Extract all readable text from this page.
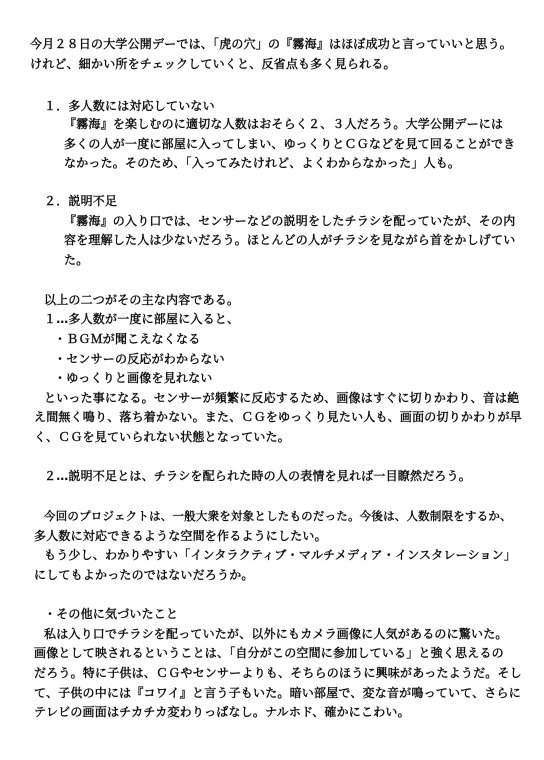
今月２８日の大学公開デーでは、「虎の穴」の『霧海』はほぼ成功と言っていいと思う。
けれど、細かい所をチェックしていくと、反省点も多く見られる。
１．多人数には対応していない
『霧海』を楽しむのに適切な人数はおそらく２、３人だろう。大学公開デーには
多くの人が一度に部屋に入ってしまい、ゆっくりとＣＧなどを見て回ることができ
なかった。そのため、「入ってみたけれど、よくわからなかった」人も。
２．説明不足
『霧海』の入り口では、センサーなどの説明をしたチラシを配っていたが、その内
容を理解した人は少ないだろう。ほとんどの人がチラシを見ながら首をかしげてい
た。
以上の二つがその主な内容である。
１…多人数が一度に部屋に入ると、
・ＢＧＭが聞こえなくなる
・センサーの反応がわからない
・ゆっくりと画像を見れない
といった事になる。センサーが頻繁に反応するため、画像はすぐに切りかわり、音は絶
え間無く鳴り、落ち着かない。また、ＣＧをゆっくり見たい人も、画面の切りかわりが早
く、ＣＧを見ていられない状態となっていた。
２…説明不足とは、チラシを配られた時の人の表情を見れば一目瞭然だろう。
今回のプロジェクトは、一般大衆を対象としたものだった。今後は、人数制限をするか、
多人数に対応できるような空間を作るようにしたい。
もう少し、わかりやすい「インタラクティブ・マルチメディア・インスタレーション」
にしてもよかったのではないだろうか。
・その他に気づいたこと
私は入り口でチラシを配っていたが、以外にもカメラ画像に人気があるのに驚いた。
画像として映されるということは、「自分がこの空間に参加している」と強く思えるの
だろう。特に子供は、ＣＧやセンサーよりも、そちらのほうに興味があったようだ。そし
て、子供の中には『コワイ』と言う子もいた。暗い部屋で、変な音が鳴っていて、さらに
テレビの画面はチカチカ変わりっぱなし。ナルホド、確かにこわい。
